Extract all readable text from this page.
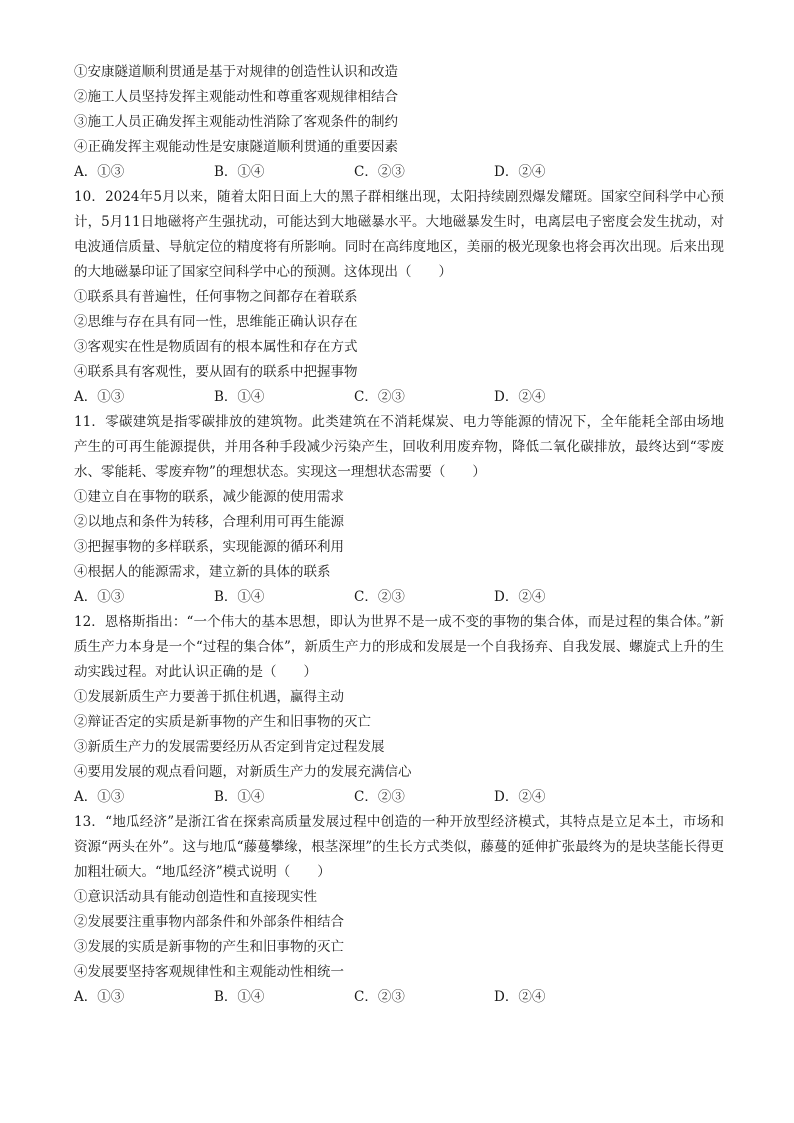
①安康隧道顺利贯通是基于对规律的创造性认识和改造
②施工人员坚持发挥主观能动性和尊重客观规律相结合
③施工人员正确发挥主观能动性消除了客观条件的制约
④正确发挥主观能动性是安康隧道顺利贯通的重要因素
A．①③	B．①④	C．②③	D．②④
10．2024年5月以来，随着太阳日面上大的黑子群相继出现，太阳持续剧烈爆发耀斑。国家空间科学中心预计，5月11日地磁将产生强扰动，可能达到大地磁暴水平。大地磁暴发生时，电离层电子密度会发生扰动，对电波通信质量、导航定位的精度将有所影响。同时在高纬度地区，美丽的极光现象也将会再次出现。后来出现的大地磁暴印证了国家空间科学中心的预测。这体现出（　　）
①联系具有普遍性，任何事物之间都存在着联系
②思维与存在具有同一性，思维能正确认识存在
③客观实在性是物质固有的根本属性和存在方式
④联系具有客观性，要从固有的联系中把握事物
A．①③	B．①④	C．②③	D．②④
11．零碳建筑是指零碳排放的建筑物。此类建筑在不消耗煤炭、电力等能源的情况下，全年能耗全部由场地产生的可再生能源提供，并用各种手段减少污染产生，回收利用废弃物，降低二氧化碳排放，最终达到“零废水、零能耗、零废弃物”的理想状态。实现这一理想状态需要（　　）
①建立自在事物的联系，减少能源的使用需求
②以地点和条件为转移，合理利用可再生能源
③把握事物的多样联系，实现能源的循环利用
④根据人的能源需求，建立新的具体的联系
A．①③	B．①④	C．②③	D．②④
12．恩格斯指出：“一个伟大的基本思想，即认为世界不是一成不变的事物的集合体，而是过程的集合体。”新质生产力本身是一个“过程的集合体”，新质生产力的形成和发展是一个自我扬弃、自我发展、螺旋式上升的生动实践过程。对此认识正确的是（　　）
①发展新质生产力要善于抓住机遇，赢得主动
②辩证否定的实质是新事物的产生和旧事物的灭亡
③新质生产力的发展需要经历从否定到肯定过程发展
④要用发展的观点看问题，对新质生产力的发展充满信心
A．①③	B．①④	C．②③	D．②④
13．“地瓜经济”是浙江省在探索高质量发展过程中创造的一种开放型经济模式，其特点是立足本土，市场和资源“两头在外”。这与地瓜“藤蔓攀缘，根茎深埋”的生长方式类似，藤蔓的延伸扩张最终为的是块茎能长得更加粗壮硕大。“地瓜经济”模式说明（　　）
①意识活动具有能动创造性和直接现实性
②发展要注重事物内部条件和外部条件相结合
③发展的实质是新事物的产生和旧事物的灭亡
④发展要坚持客观规律性和主观能动性相统一
A．①③	B．①④	C．②③	D．②④
